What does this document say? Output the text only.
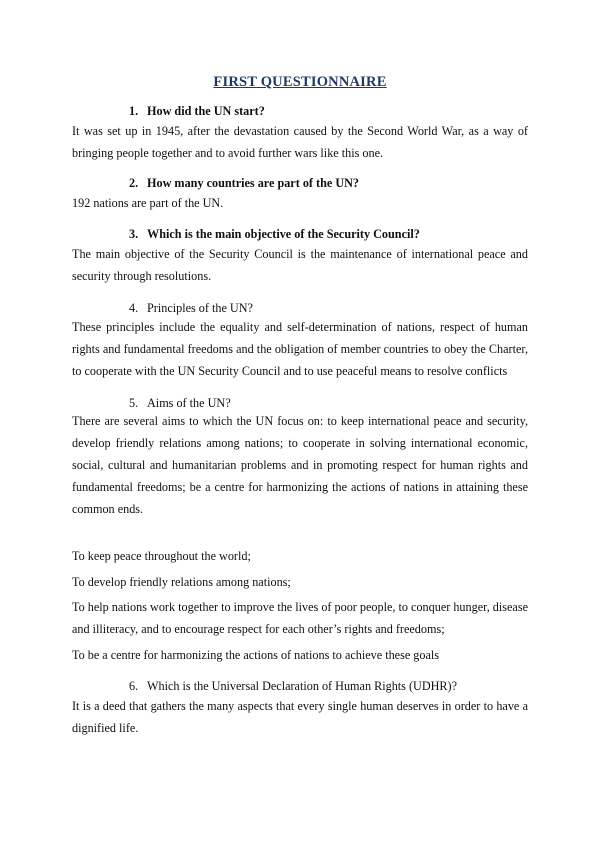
FIRST QUESTIONNAIRE
1. How did the UN start?
It was set up in 1945, after the devastation caused by the Second World War, as a way of bringing people together and to avoid further wars like this one.
2. How many countries are part of the UN?
192 nations are part of the UN.
3. Which is the main objective of the Security Council?
The main objective of the Security Council is the maintenance of international peace and security through resolutions.
4. Principles of the UN?
These principles include the equality and self-determination of nations, respect of human rights and fundamental freedoms and the obligation of member countries to obey the Charter, to cooperate with the UN Security Council and to use peaceful means to resolve conflicts
5. Aims of the UN?
There are several aims to which the UN focus on: to keep international peace and security, develop friendly relations among nations; to cooperate in solving international economic, social, cultural and humanitarian problems and in promoting respect for human rights and fundamental freedoms; be a centre for harmonizing the actions of nations in attaining these common ends.
To keep peace throughout the world;
To develop friendly relations among nations;
To help nations work together to improve the lives of poor people, to conquer hunger, disease and illiteracy, and to encourage respect for each other’s rights and freedoms;
To be a centre for harmonizing the actions of nations to achieve these goals
6. Which is the Universal Declaration of Human Rights (UDHR)?
It is a deed that gathers the many aspects that every single human deserves in order to have a dignified life.
